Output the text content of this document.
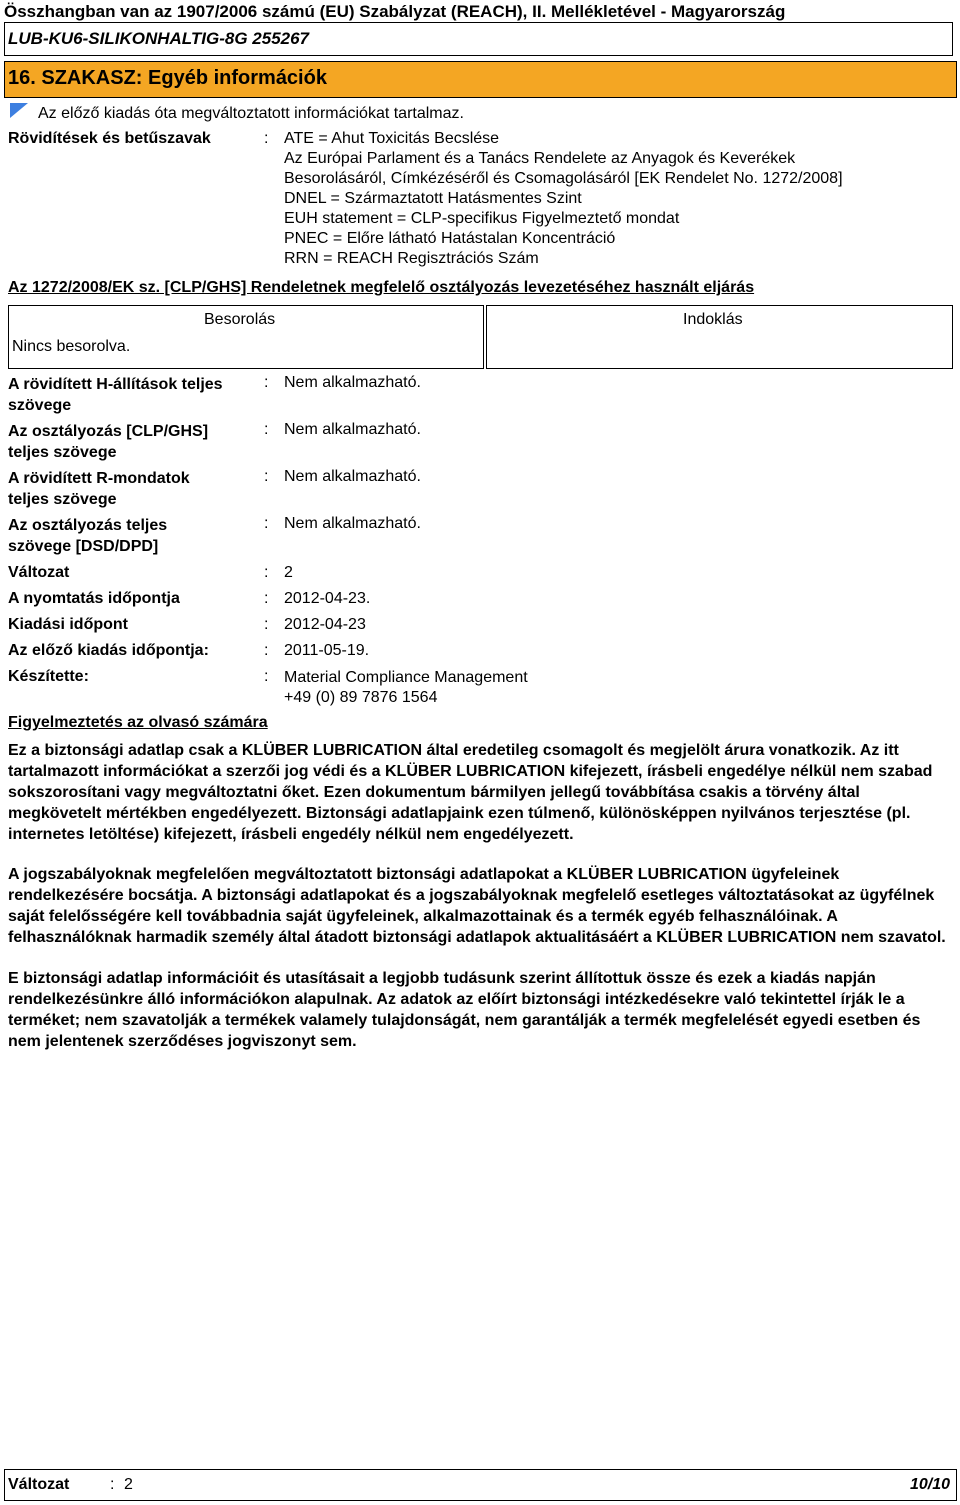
Összhangban van az 1907/2006 számú (EU) Szabályzat (REACH), II. Mellékletével - Magyarország
LUB-KU6-SILIKONHALTIG-8G 255267
16. SZAKASZ: Egyéb információk
Az előző kiadás óta megváltoztatott információkat tartalmaz.
Rövidítések és betűszavak	: ATE = Ahut Toxicitás Becslése
Az Európai Parlament és a Tanács Rendelete az Anyagok és Keverékek
Besorolásáról, Címkézéséről és Csomagolásáról [EK Rendelet No. 1272/2008]
DNEL = Származtatott Hatásmentes Szint
EUH statement = CLP-specifikus Figyelmeztető mondat
PNEC = Előre látható Hatástalan Koncentráció
RRN = REACH Regisztrációs Szám
Az 1272/2008/EK sz. [CLP/GHS] Rendeletnek megfelelő osztályozás levezetéséhez használt eljárás
Besorolás	Indoklás
Nincs besorolva.
A rövidített H-állítások teljes
szövege
: Nem alkalmazható.
Az osztályozás [CLP/GHS]
teljes szövege
: Nem alkalmazható.
A rövidített R-mondatok
teljes szövege
: Nem alkalmazható.
Az osztályozás teljes
szövege [DSD/DPD]
: Nem alkalmazható.
Változat	: 2
A nyomtatás időpontja	: 2012-04-23.
Kiadási időpont	: 2012-04-23
Az előző kiadás időpontja:	: 2011-05-19.
Készítette:	: Material Compliance Management
+49 (0) 89 7876 1564
Figyelmeztetés az olvasó számára
Ez a biztonsági adatlap csak a KLÜBER LUBRICATION által eredetileg csomagolt és megjelölt árura vonatkozik. Az itt tartalmazott információkat a szerzői jog védi és a KLÜBER LUBRICATION kifejezett, írásbeli engedélye nélkül nem szabad sokszorosítani vagy megváltoztatni őket. Ezen dokumentum bármilyen jellegű továbbítása csakis a törvény által megkövetelt mértékben engedélyezett. Biztonsági adatlapjaink ezen túlmenő, különösképpen nyilvános terjesztése (pl. internetes letöltése) kifejezett, írásbeli engedély nélkül nem engedélyezett.
A jogszabályoknak megfelelően megváltoztatott biztonsági adatlapokat a KLÜBER LUBRICATION ügyfeleinek rendelkezésére bocsátja. A biztonsági adatlapokat és a jogszabályoknak megfelelő esetleges változtatásokat az ügyfélnek saját felelősségére kell továbbadnia saját ügyfeleinek, alkalmazottainak és a termék egyéb felhasználóinak. A felhasználóknak harmadik személy által átadott biztonsági adatlapok aktualitásáért a KLÜBER LUBRICATION nem szavatol.
E biztonsági adatlap információit és utasításait a legjobb tudásunk szerint állítottuk össze és ezek a kiadás napján rendelkezésünkre álló információkon alapulnak. Az adatok az előírt biztonsági intézkedésekre való tekintettel írják le a terméket; nem szavatolják a termékek valamely tulajdonságát, nem garantálják a termék megfelelését egyedi esetben és nem jelentenek szerződéses jogviszonyt sem.
Változat	: 2	10/10
